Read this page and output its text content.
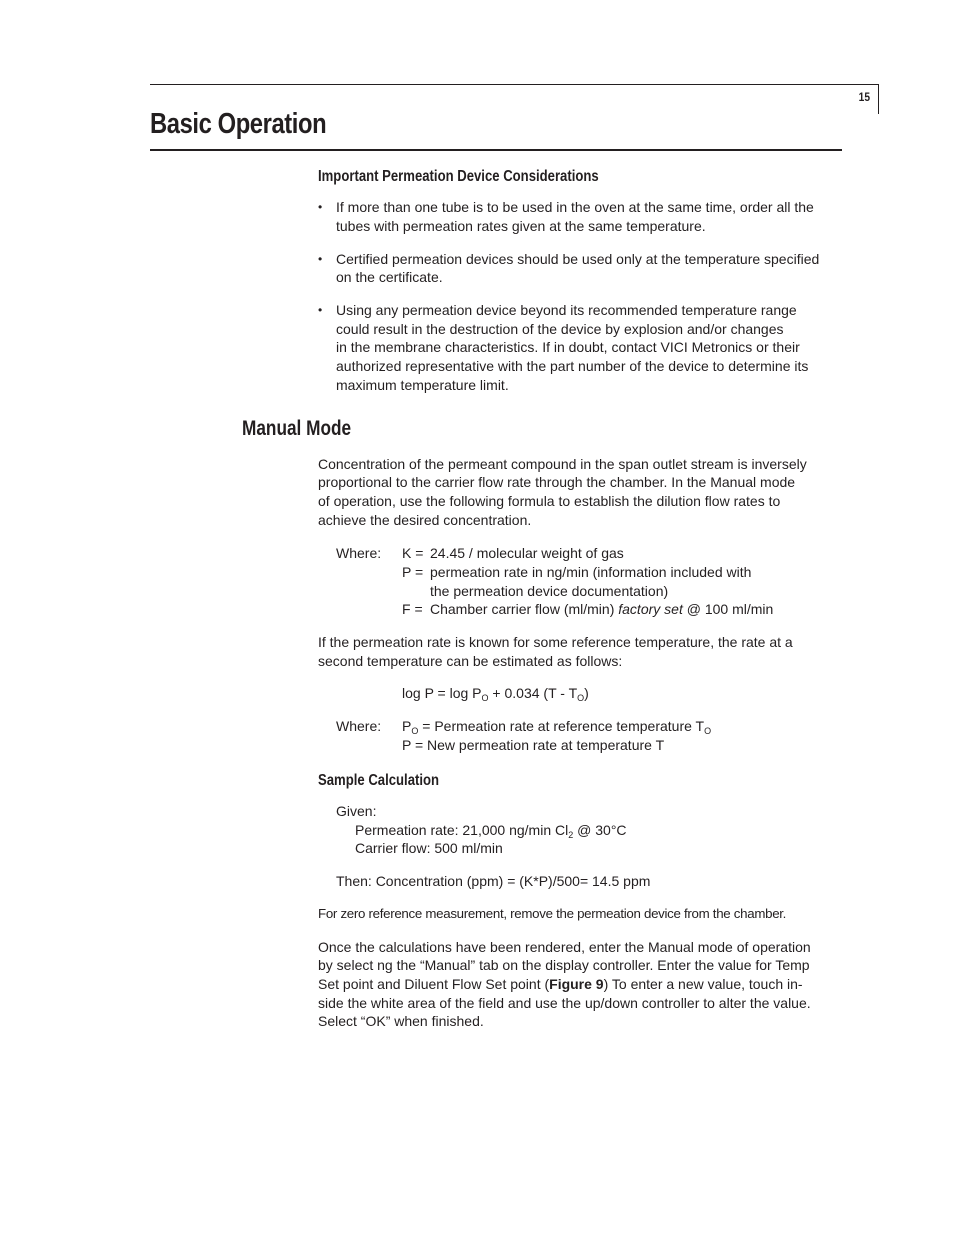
15
Basic Operation
Important Permeation Device Considerations
• If more than one tube is to be used in the oven at the same time, order all the
tubes with permeation rates given at the same temperature.
• Certified permeation devices should be used only at the temperature specified
on the certificate.
• Using any permeation device beyond its recommended temperature range
could result in the destruction of the device by explosion and/or changes
in the membrane characteristics. If in doubt, contact VICI Metronics or their
authorized representative with the part number of the device to determine its
maximum temperature limit.
Manual Mode
Concentration of the permeant compound in the span outlet stream is inversely
proportional to the carrier flow rate through the chamber. In the Manual mode
of operation, use the following formula to establish the dilution flow rates to
achieve the desired concentration.
Where: K = 24.45 / molecular weight of gas
P = permeation rate in ng/min (information included with
the permeation device documentation)
F = Chamber carrier flow (ml/min) factory set @ 100 ml/min
If the permeation rate is known for some reference temperature, the rate at a
second temperature can be estimated as follows:
$\log P = \log P_O + 0.034$ $(T - T_O)$
Where: $P_O$ = Permeation rate at reference temperature $T_O$
P = New permeation rate at temperature T
Sample Calculation
Given:
Permeation rate: 21,000 ng/min $Cl_2$ @ 30°C
Carrier flow: 500 ml/min
Then: Concentration (ppm) = (K*P)/500= 14.5 ppm
For zero reference measurement, remove the permeation device from the chamber.
Once the calculations have been rendered, enter the Manual mode of operation
by select ng the “Manual” tab on the display controller. Enter the value for Temp
Set point and Diluent Flow Set point (Figure 9) To enter a new value, touch in-
side the white area of the field and use the up/down controller to alter the value.
Select “OK” when finished.
